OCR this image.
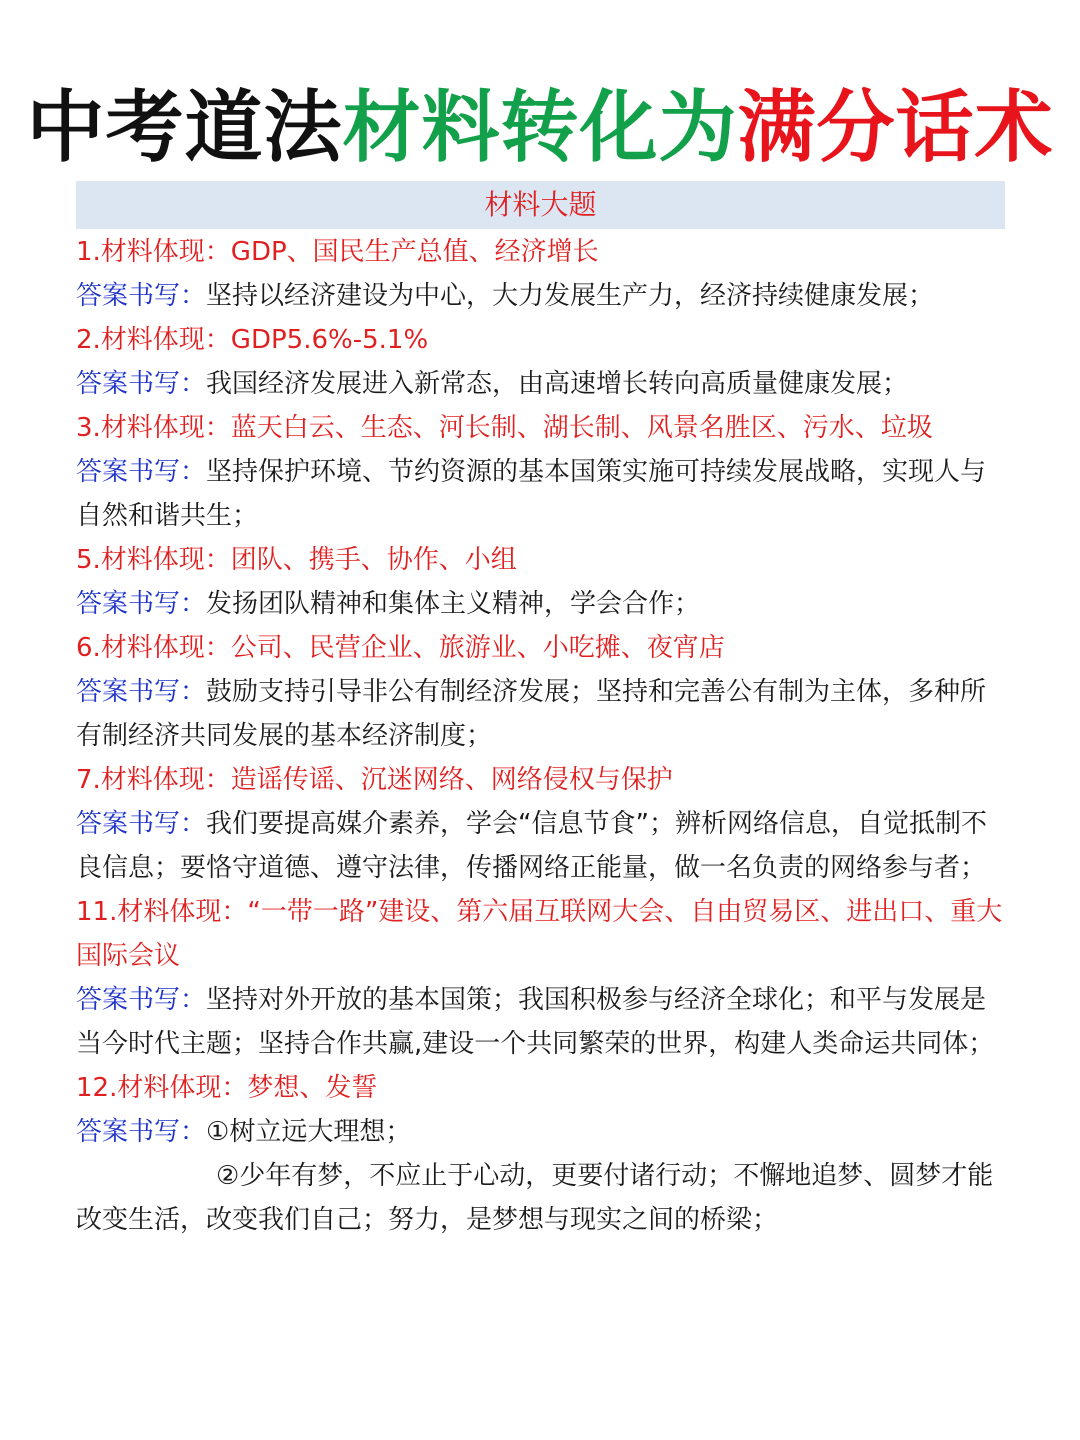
中考道法材料转化为满分话术
材料大题

1.材料体现：GDP、国民生产总值、经济增长

答案书写：坚持以经济建设为中心，大力发展生产力，经济持续健康发展；

2.材料体现：GDP5.6%-5.1%

答案书写：我国经济发展进入新常态，由高速增长转向高质量健康发展；

3.材料体现：蓝天白云、生态、河长制、湖长制、风景名胜区、污水、垃圾

答案书写：坚持保护环境、节约资源的基本国策实施可持续发展战略，实现人与自然和谐共生；

5.材料体现：团队、携手、协作、小组

答案书写：发扬团队精神和集体主义精神，学会合作；

6.材料体现：公司、民营企业、旅游业、小吃摊、夜宵店

答案书写：鼓励支持引导非公有制经济发展；坚持和完善公有制为主体，多种所有制经济共同发展的基本经济制度；

7.材料体现：造谣传谣、沉迷网络、网络侵权与保护

答案书写：我们要提高媒介素养，学会“信息节食”；辨析网络信息，自觉抵制不良信息；要恪守道德、遵守法律，传播网络正能量，做一名负责的网络参与者；

11.材料体现：“一带一路”建设、第六届互联网大会、自由贸易区、进出口、重大国际会议

答案书写：坚持对外开放的基本国策；我国积极参与经济全球化；和平与发展是当今时代主题；坚持合作共赢,建设一个共同繁荣的世界，构建人类命运共同体；

12.材料体现：梦想、发誓

答案书写：①树立远大理想；

②少年有梦，不应止于心动，更要付诸行动；不懈地追梦、圆梦才能改变生活，改变我们自己；努力，是梦想与现实之间的桥梁；
